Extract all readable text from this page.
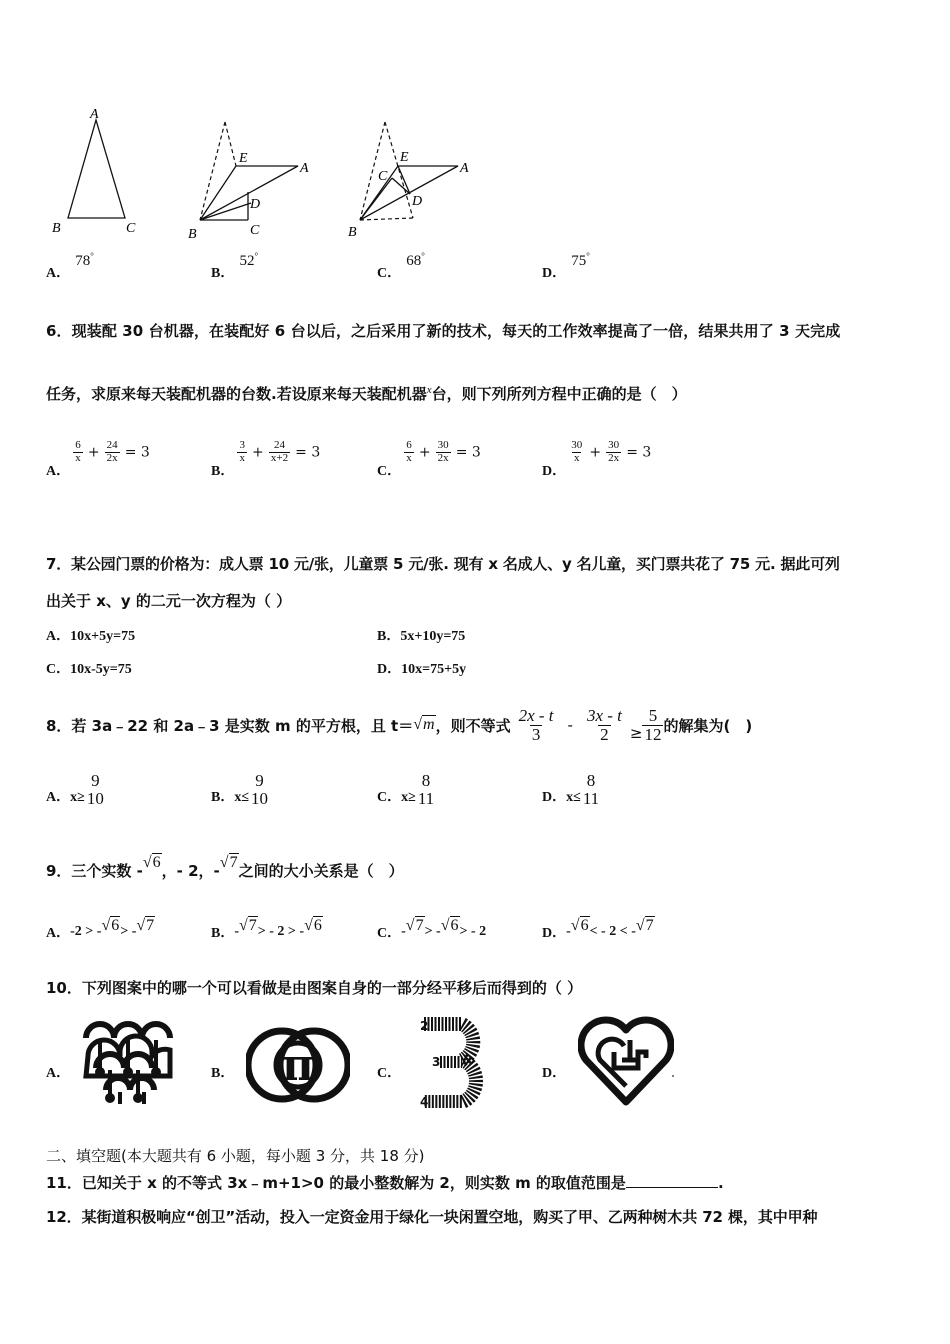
A
B	C
E
A
D
B	C
E
A
C
D
B
A． 78°
B． 52°
C． 68°
D． 75°
6．现装配 30 台机器，在装配好 6 台以后，之后采用了新的技术，每天的工作效率提高了一倍，结果共用了 3 天完成
任务，求原来每天装配机器的台数.若设原来每天装配机器$^x$台，则下列所列方程中正确的是（　）
A．
$\frac{6}{x} + \frac{24}{2x} = 3$
B．
$\frac{3}{x} + \frac{24}{x+2} = 3$
C．
$\frac{6}{x} + \frac{30}{2x} = 3$
D．
$\frac{30}{x} + \frac{30}{2x} = 3$
7．某公园门票的价格为：成人票 10 元/张，儿童票 5 元/张. 现有 x 名成人、y 名儿童，买门票共花了 75 元. 据此可列
出关于 x、y 的二元一次方程为（ ）
A．10x+5y=75	B．5x+10y=75
C．10x-5y=75	D．10x=75+5y
8．若 3a﹣22 和 2a﹣3 是实数 m 的平方根，且 t＝ √m ，则不等式 $\frac{2x - t}{3} - \frac{3x - t}{2} \ge \frac{5}{12}$ 的解集为(　)
A． x≥
9
10	B． x≤
9
10	C． x≥
8
11	D． x≤
8
11
9．三个实数 - √6 ，- 2，- √7 之间的大小关系是（　）
A． -2 > - √6 > - √7	B． - √7 > - 2 > - √6	C． - √7 > - √6 > - 2	D． - √6 < - 2 < - √7
10．下列图案中的哪一个可以看做是由图案自身的一部分经平移后而得到的（ ）
A．	B．	C．	D．
π
2
3
4
二、填空题(本大题共有 6 小题，每小题 3 分，共 18 分)
11．已知关于 x 的不等式 3x﹣m+1>0 的最小整数解为 2，则实数 m 的取值范围是	.
12．某街道积极响应“创卫”活动，投入一定资金用于绿化一块闲置空地，购买了甲、乙两种树木共 72 棵，其中甲种
